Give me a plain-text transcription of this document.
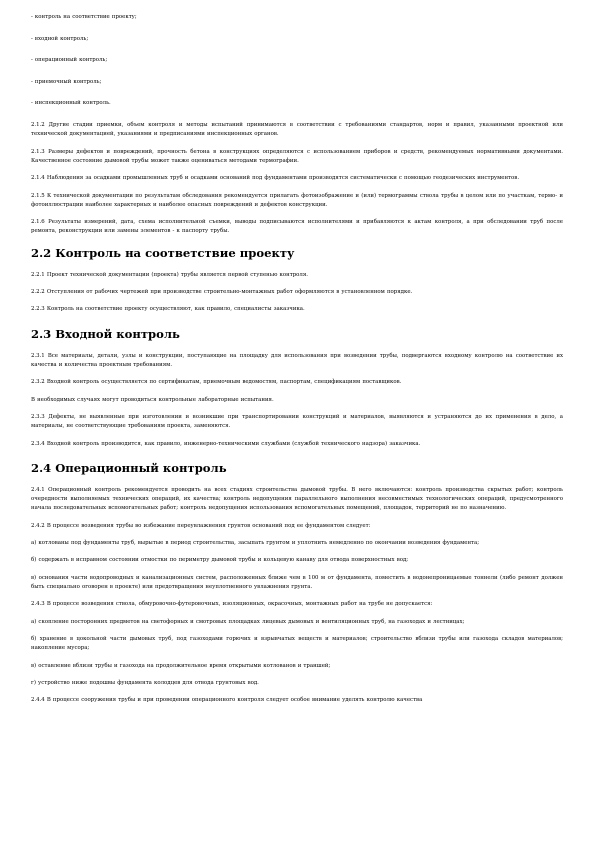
- контроль на соответствие проекту;

- входной контроль;

- операционный контроль;

- приемочный контроль;

- инспекционный контроль.

2.1.2 Другие стадии приемки, объем контроля и методы испытаний принимаются в соответствии с требованиями стандартов, норм и правил, указанными проектной или технической документацией, указаниями и предписаниями инспекционных органов.

2.1.3 Размеры дефектов и повреждений, прочность бетона в конструкциях определяются с использованием приборов и средств, рекомендуемых нормативными документами. Качественное состояние дымовой трубы может также оцениваться методами термографии.

2.1.4 Наблюдения за осадками промышленных труб и осадками оснований под фундаментами производятся систематически с помощью геодезических инструментов.

2.1.5 К технической документации по результатам обследования рекомендуется прилагать фотоизображение и (или) термограммы ствола трубы в целом или по участкам, термо- и фотоиллюстрации наиболее характерных и наиболее опасных повреждений и дефектов конструкции.

2.1.6 Результаты измерений, дата, схема исполнительной съемки, выводы подписываются исполнителями и прибавляются к актам контроля, а при обследовании труб после ремонта, реконструкции или замены элементов - к паспорту трубы.

2.2 Контроль на соответствие проекту

2.2.1 Проект технической документации (проекта) трубы является первой ступенью контроля.

2.2.2 Отступления от рабочих чертежей при производстве строительно-монтажных работ оформляются в установленном порядке.

2.2.3 Контроль на соответствие проекту осуществляют, как правило, специалисты заказчика.

2.3 Входной контроль

2.3.1 Все материалы, детали, узлы и конструкции, поступающие на площадку для использования при возведении трубы, подвергаются входному контролю на соответствие их качества и количества проектным требованиям.

2.3.2 Входной контроль осуществляется по сертификатам, приемочным ведомостям, паспортам, спецификациям поставщиков.

В необходимых случаях могут проводиться контрольные лабораторные испытания.

2.3.3 Дефекты, не выявленные при изготовлении и возникшие при транспортировании конструкций и материалов, выявляются и устраняются до их применения в дело, а материалы, не соответствующие требованиям проекта, заменяются.

2.3.4 Входной контроль производится, как правило, инженерно-техническими службами (службой технического надзора) заказчика.

2.4 Операционный контроль

2.4.1 Операционный контроль рекомендуется проводить на всех стадиях строительства дымовой трубы. В него включаются: контроль производства скрытых работ; контроль очередности выполняемых технических операций, их качества; контроль недопущения параллельного выполнения несовместимых технологических операций, предусмотренного начала последовательных вспомогательных работ; контроль недопущения использования вспомогательных помещений, площадок, территорий не по назначению.

2.4.2 В процессе возведения трубы во избежание переувлажнения грунтов оснований под ее фундаментом следует:

а) котлованы под фундаменты труб, вырытые в период строительства, засыпать грунтом и уплотнить немедленно по окончании возведения фундамента;

б) содержать в исправном состоянии отмостки по периметру дымовой трубы и кольцевую канаву для отвода поверхностных вод;

в) основания части водопроводных и канализационных систем, расположенных ближе чем в 100 м от фундамента, поместить в водонепроницаемые тоннели (либо ремонт должен быть специально оговорен в проекте) или предотвращения неуплотненного увлажнения грунта.

2.4.3 В процессе возведения ствола, обмуровочно-футеровочных, изоляционных, окрасочных, монтажных работ на трубе не допускается:

а) скопление посторонних предметов на светофорных и смотровых площадках лицевых дымовых и вентиляционных труб, на газоходах и лестницах;

б) хранение в цокольной части дымовых труб, под газоходами горючих и взрывчатых веществ и материалов; строительство вблизи трубы или газохода складов материалов; накопление мусора;

в) оставление вблизи трубы и газохода на продолжительное время открытыми котлованов и траншей;

г) устройство ниже подошвы фундамента колодцев для отвода грунтовых вод.

2.4.4 В процессе сооружения трубы и при проведении операционного контроля следует особое внимание уделять контролю качества
